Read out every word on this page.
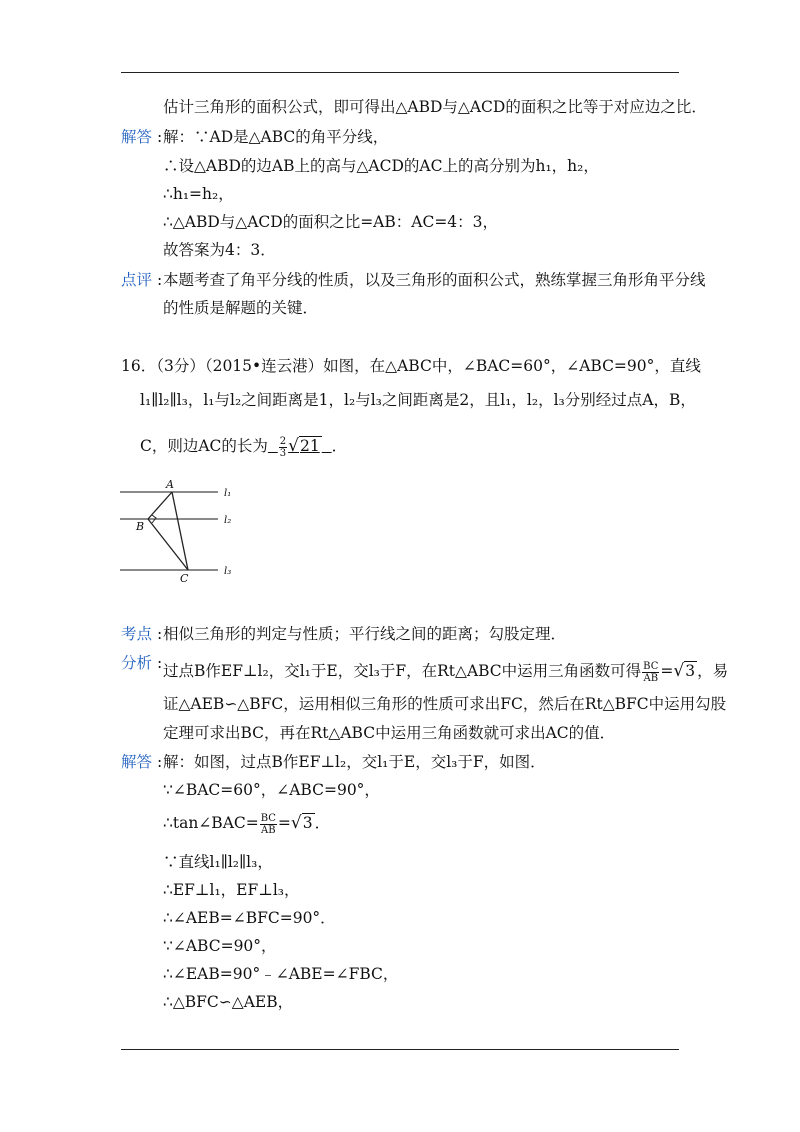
估计三角形的面积公式，即可得出△ABD与△ACD的面积之比等于对应边之比．
解答 : 解：∵AD是△ABC的角平分线，
∴设△ABD的边AB上的高与△ACD的AC上的高分别为h₁，h₂，
∴h₁=h₂，
∴△ABD与△ACD的面积之比=AB：AC=4：3，
故答案为4：3．
点评 : 本题考查了角平分线的性质，以及三角形的面积公式，熟练掌握三角形角平分线
的性质是解题的关键．
16．（3分）（2015•连云港）如图，在△ABC中，∠BAC=60°，∠ABC=90°，直线
l₁∥l₂∥l₃，l₁与l₂之间距离是1，l₂与l₃之间距离是2，且l₁，l₂，l₃分别经过点A，B，
C，则边AC的长为 $\frac{2}{3} √21$ ．
A
B
C
l₁
l₂
l₃
考点 : 相似三角形的判定与性质；平行线之间的距离；勾股定理．
分析 : 过点B作EF⊥l₂，交l₁于E，交l₃于F，在Rt△ABC中运用三角函数可得 $\frac{BC}{AB} =√3$ ，易
证△AEB∽△BFC，运用相似三角形的性质可求出FC，然后在Rt△BFC中运用勾股
定理可求出BC，再在Rt△ABC中运用三角函数就可求出AC的值．
解答 : 解：如图，过点B作EF⊥l₂，交l₁于E，交l₃于F，如图．
∵∠BAC=60°，∠ABC=90°，
∴tan∠BAC= $\frac{BC}{AB} =√3$ ．
∵直线l₁∥l₂∥l₃，
∴EF⊥l₁，EF⊥l₃，
∴∠AEB=∠BFC=90°．
∵∠ABC=90°，
∴∠EAB=90°﹣∠ABE=∠FBC，
∴△BFC∽△AEB，
